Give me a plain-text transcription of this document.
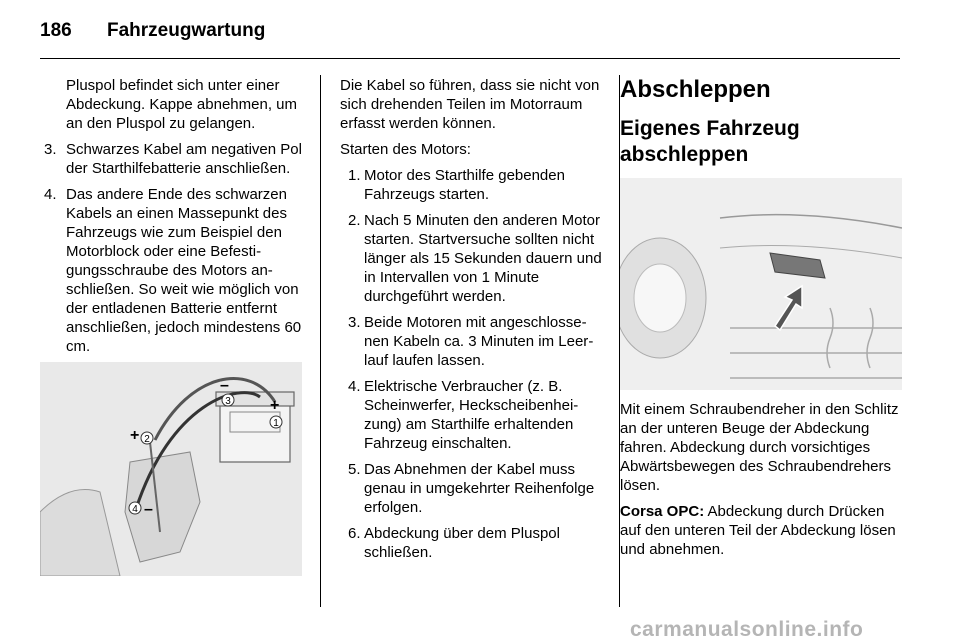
186 Fahrzeugwartung

Pluspol befindet sich unter einer Abdeckung. Kappe abnehmen, um an den Pluspol zu gelangen.

3. Schwarzes Kabel am negativen Pol der Starthilfebatterie anschließen.
4. Das andere Ende des schwarzen Kabels an einen Massepunkt des Fahrzeugs wie zum Beispiel den Motorblock oder eine Befestigungsschraube des Motors anschließen. So weit wie möglich von der entladenen Batterie entfernt anschließen, jedoch mindestens 60 cm.
1
2
3
4
+
+
–
–

Die Kabel so führen, dass sie nicht von sich drehenden Teilen im Motorraum erfasst werden können.

Starten des Motors:

1. Motor des Starthilfe gebenden Fahrzeugs starten.
2. Nach 5 Minuten den anderen Motor starten. Startversuche sollten nicht länger als 15 Sekunden dauern und in Intervallen von 1 Minute durchgeführt werden.
3. Beide Motoren mit angeschlossenen Kabeln ca. 3 Minuten im Leerlauf laufen lassen.
4. Elektrische Verbraucher (z. B. Scheinwerfer, Heckscheibenheizung) am Starthilfe erhaltenden Fahrzeug einschalten.
5. Das Abnehmen der Kabel muss genau in umgekehrter Reihenfolge erfolgen.
6. Abdeckung über dem Pluspol schließen.
Abschleppen
Eigenes Fahrzeug abschleppen

Mit einem Schraubendreher in den Schlitz an der unteren Beuge der Abdeckung fahren. Abdeckung durch vorsichtiges Abwärtsbewegen des Schraubendrehers lösen.

Corsa OPC: Abdeckung durch Drücken auf den unteren Teil der Abdeckung lösen und abnehmen.

carmanualsonline.info
